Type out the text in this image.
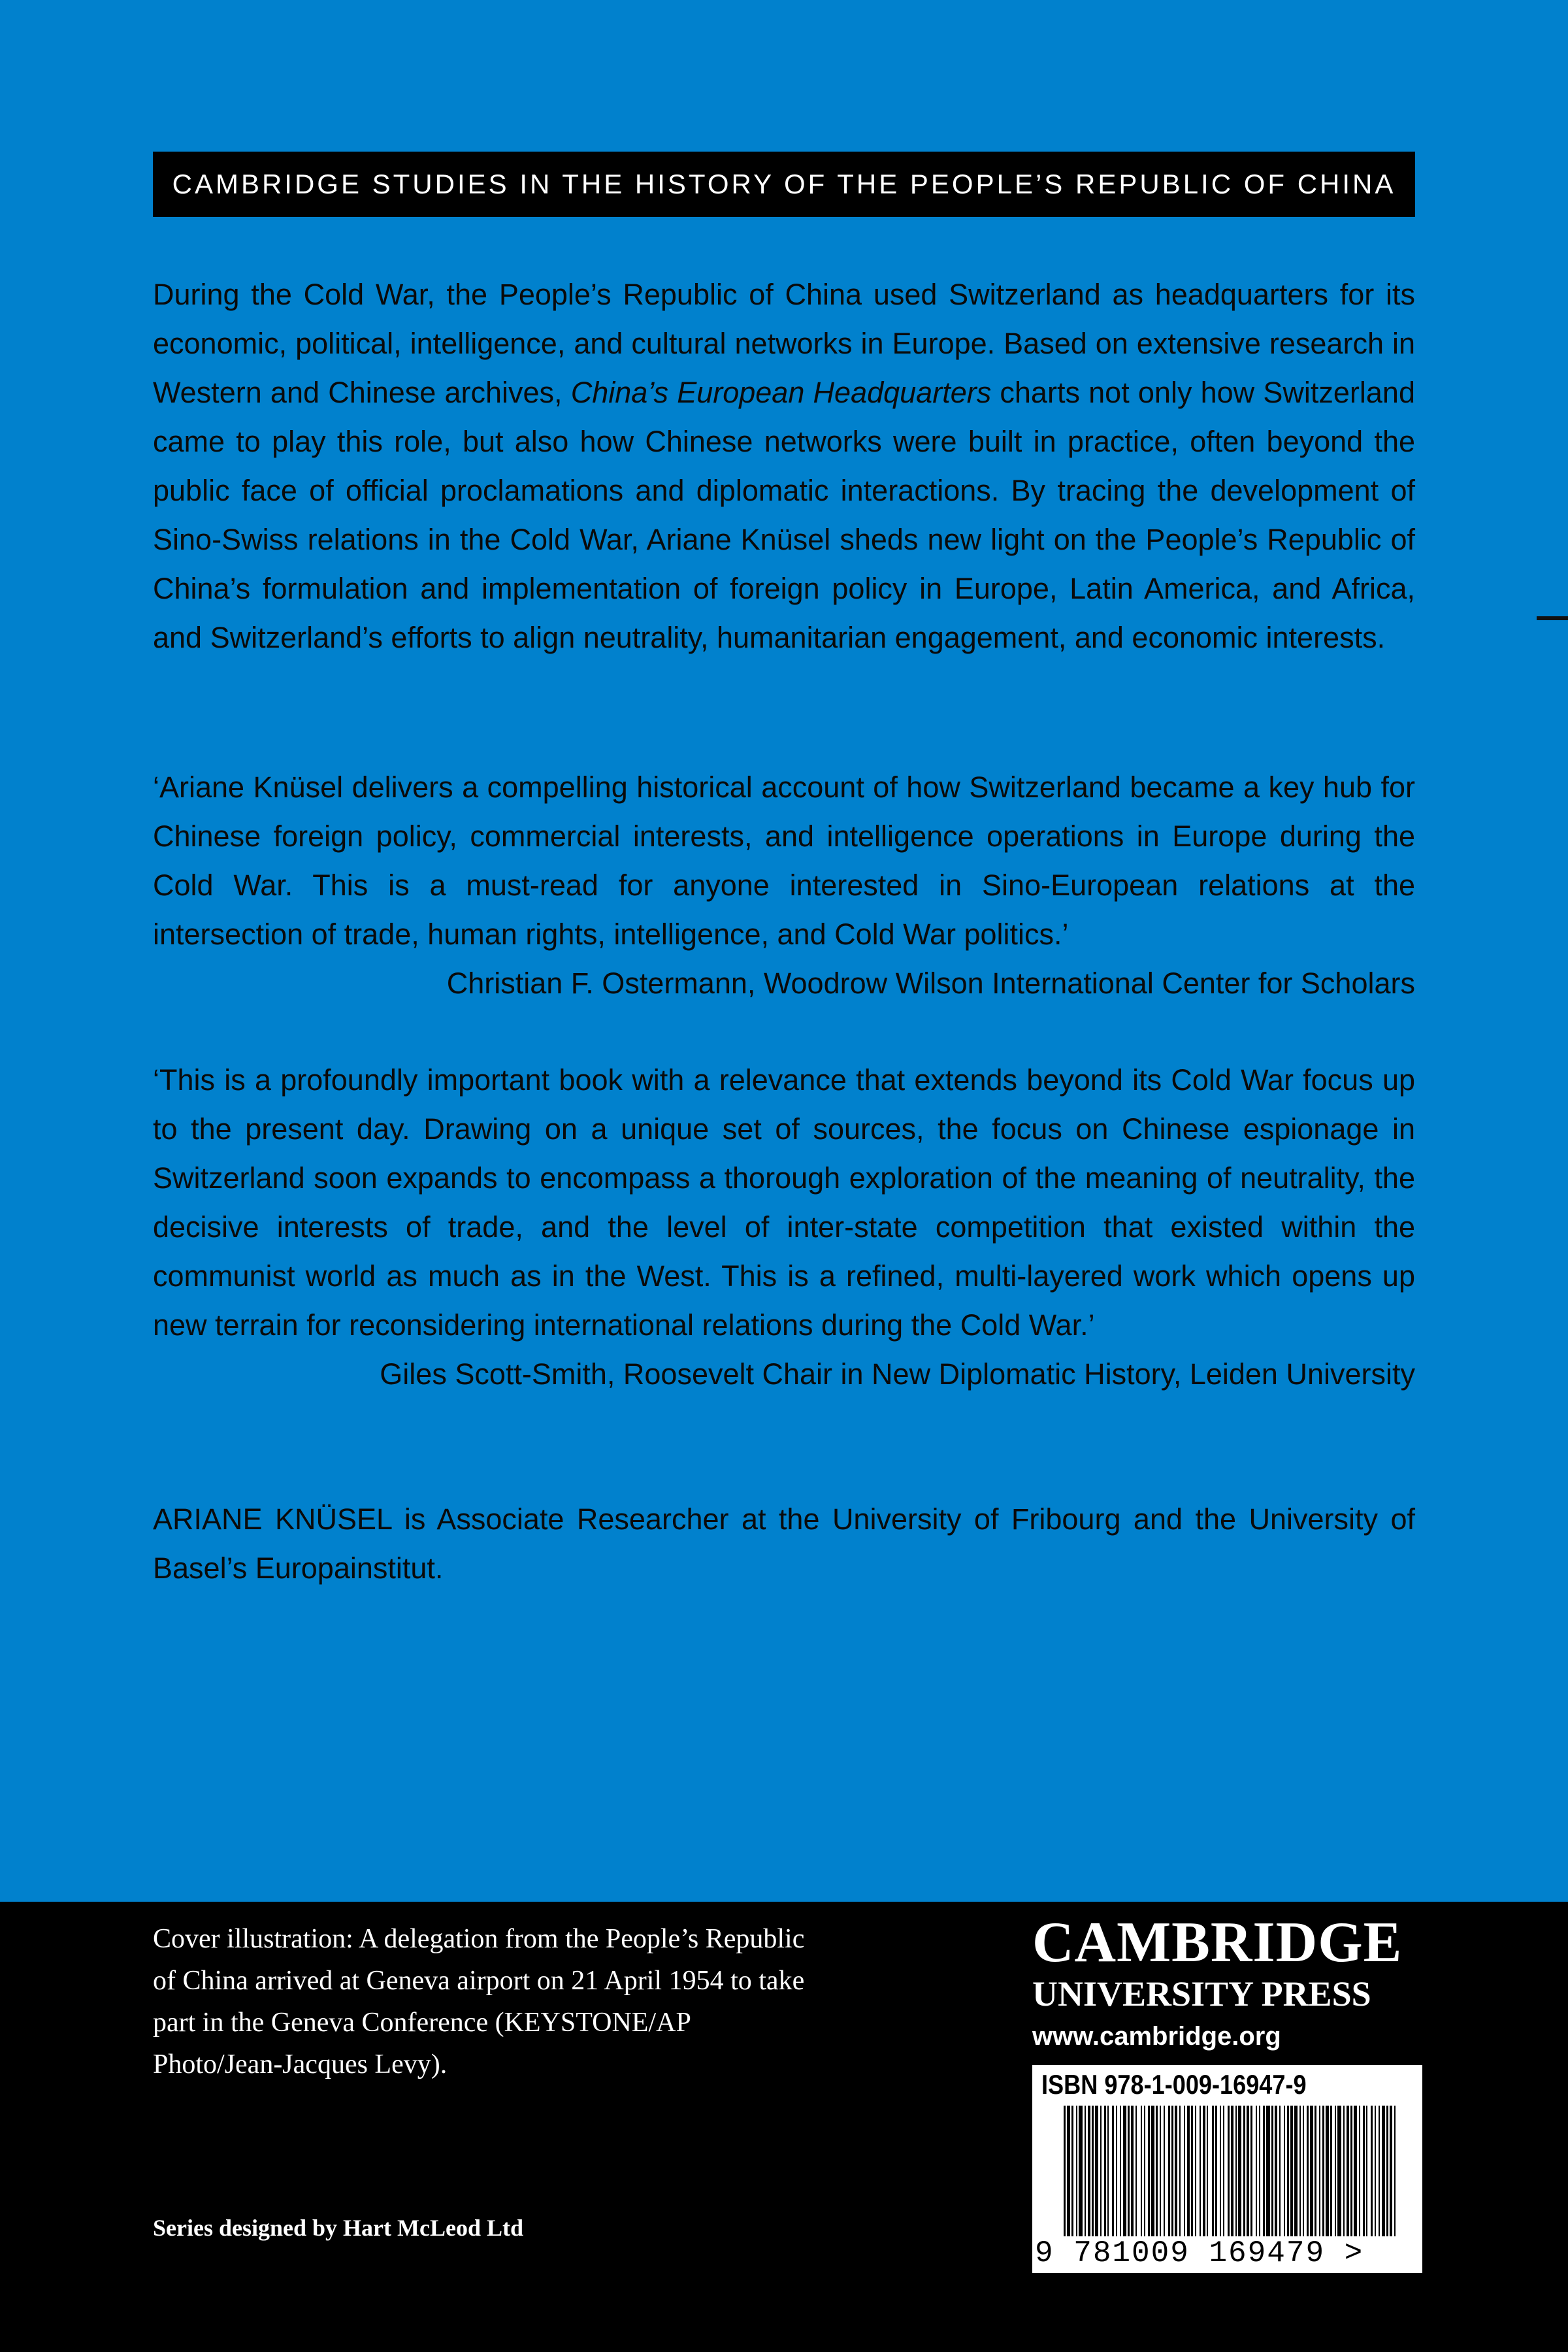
CAMBRIDGE STUDIES IN THE HISTORY OF THE PEOPLE’S REPUBLIC OF CHINA
During the Cold War, the People’s Republic of China used Switzerland as headquarters for its economic, political, intelligence, and cultural networks in Europe. Based on extensive research in Western and Chinese archives, China’s European Headquarters charts not only how Switzerland came to play this role, but also how Chinese networks were built in practice, often beyond the public face of official proclamations and diplomatic interactions. By tracing the development of Sino-Swiss relations in the Cold War, Ariane Knüsel sheds new light on the People’s Republic of China’s formulation and implementation of foreign policy in Europe, Latin America, and Africa, and Switzerland’s efforts to align neutrality, humanitarian engagement, and economic interests.
‘Ariane Knüsel delivers a compelling historical account of how Switzerland became a key hub for Chinese foreign policy, commercial interests, and intelligence operations in Europe during the Cold War. This is a must-read for anyone interested in Sino-European relations at the intersection of trade, human rights, intelligence, and Cold War politics.’
Christian F. Ostermann, Woodrow Wilson International Center for Scholars
‘This is a profoundly important book with a relevance that extends beyond its Cold War focus up to the present day. Drawing on a unique set of sources, the focus on Chinese espionage in Switzerland soon expands to encompass a thorough exploration of the meaning of neutrality, the decisive interests of trade, and the level of inter-state competition that existed within the communist world as much as in the West. This is a refined, multi-layered work which opens up new terrain for reconsidering international relations during the Cold War.’
Giles Scott-Smith, Roosevelt Chair in New Diplomatic History, Leiden University
ARIANE KNÜSEL is Associate Researcher at the University of Fribourg and the University of Basel’s Europainstitut.
Cover illustration: A delegation from the People’s Republic of China arrived at Geneva airport on 21 April 1954 to take part in the Geneva Conference (KEYSTONE/AP Photo/Jean-Jacques Levy).
Series designed by Hart McLeod Ltd
CAMBRIDGE
UNIVERSITY PRESS
www.cambridge.org
ISBN 978-1-009-16947-9
9 781009 169479 >
